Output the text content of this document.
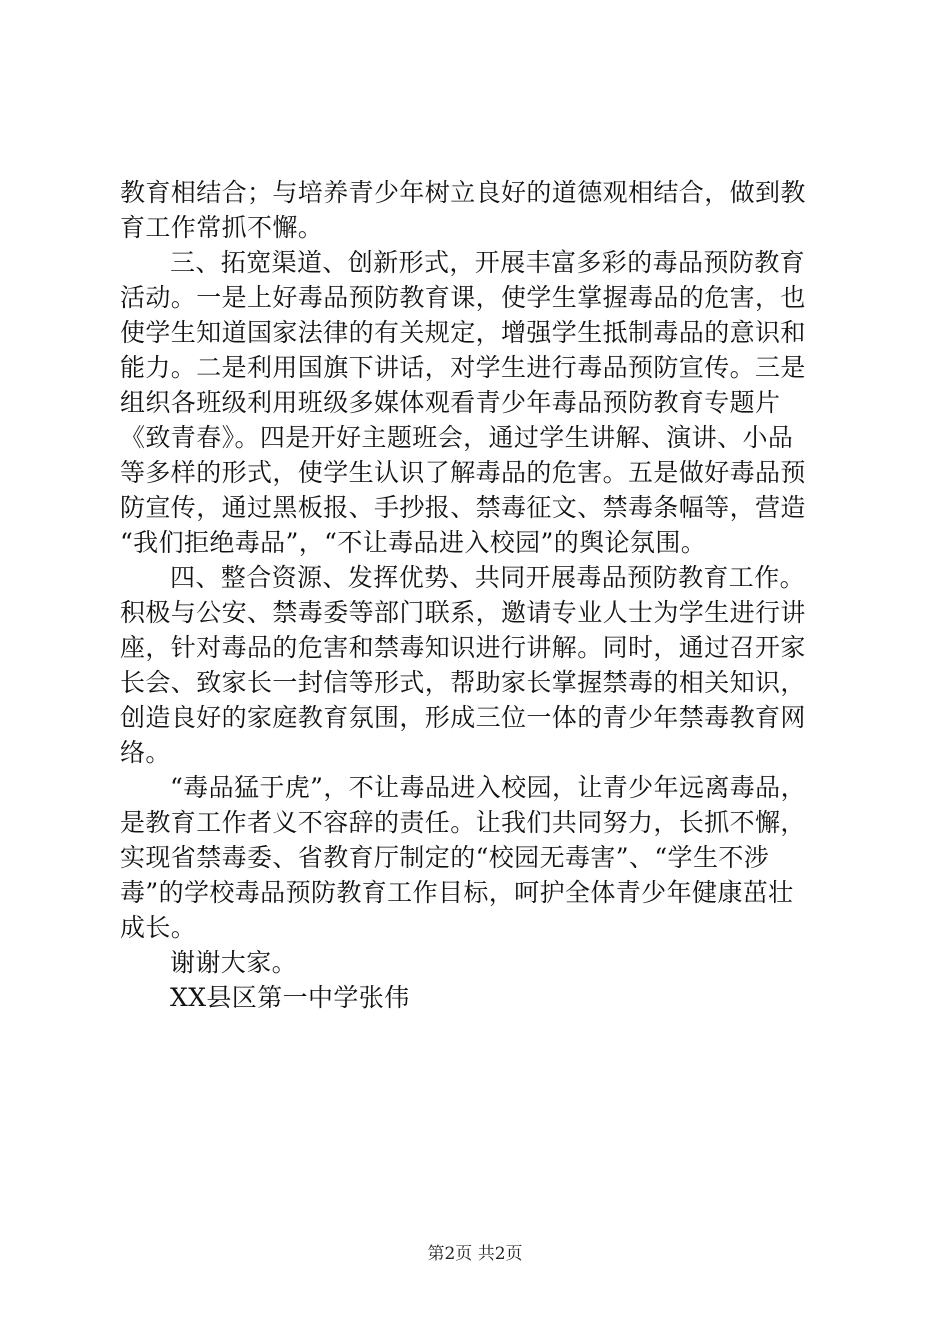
教育相结合；与培养青少年树立良好的道德观相结合，做到教
育工作常抓不懈。
三、拓宽渠道、创新形式，开展丰富多彩的毒品预防教育
活动。一是上好毒品预防教育课，使学生掌握毒品的危害，也
使学生知道国家法律的有关规定，增强学生抵制毒品的意识和
能力。二是利用国旗下讲话，对学生进行毒品预防宣传。三是
组织各班级利用班级多媒体观看青少年毒品预防教育专题片
《致青春》。四是开好主题班会，通过学生讲解、演讲、小品
等多样的形式，使学生认识了解毒品的危害。五是做好毒品预
防宣传，通过黑板报、手抄报、禁毒征文、禁毒条幅等，营造
“我们拒绝毒品”，“不让毒品进入校园”的舆论氛围。
四、整合资源、发挥优势、共同开展毒品预防教育工作。
积极与公安、禁毒委等部门联系，邀请专业人士为学生进行讲
座，针对毒品的危害和禁毒知识进行讲解。同时，通过召开家
长会、致家长一封信等形式，帮助家长掌握禁毒的相关知识，
创造良好的家庭教育氛围，形成三位一体的青少年禁毒教育网
络。
“毒品猛于虎”，不让毒品进入校园，让青少年远离毒品，
是教育工作者义不容辞的责任。让我们共同努力，长抓不懈，
实现省禁毒委、省教育厅制定的“校园无毒害”、“学生不涉
毒”的学校毒品预防教育工作目标，呵护全体青少年健康茁壮
成长。
谢谢大家。
XX县区第一中学张伟
第2页 共2页
